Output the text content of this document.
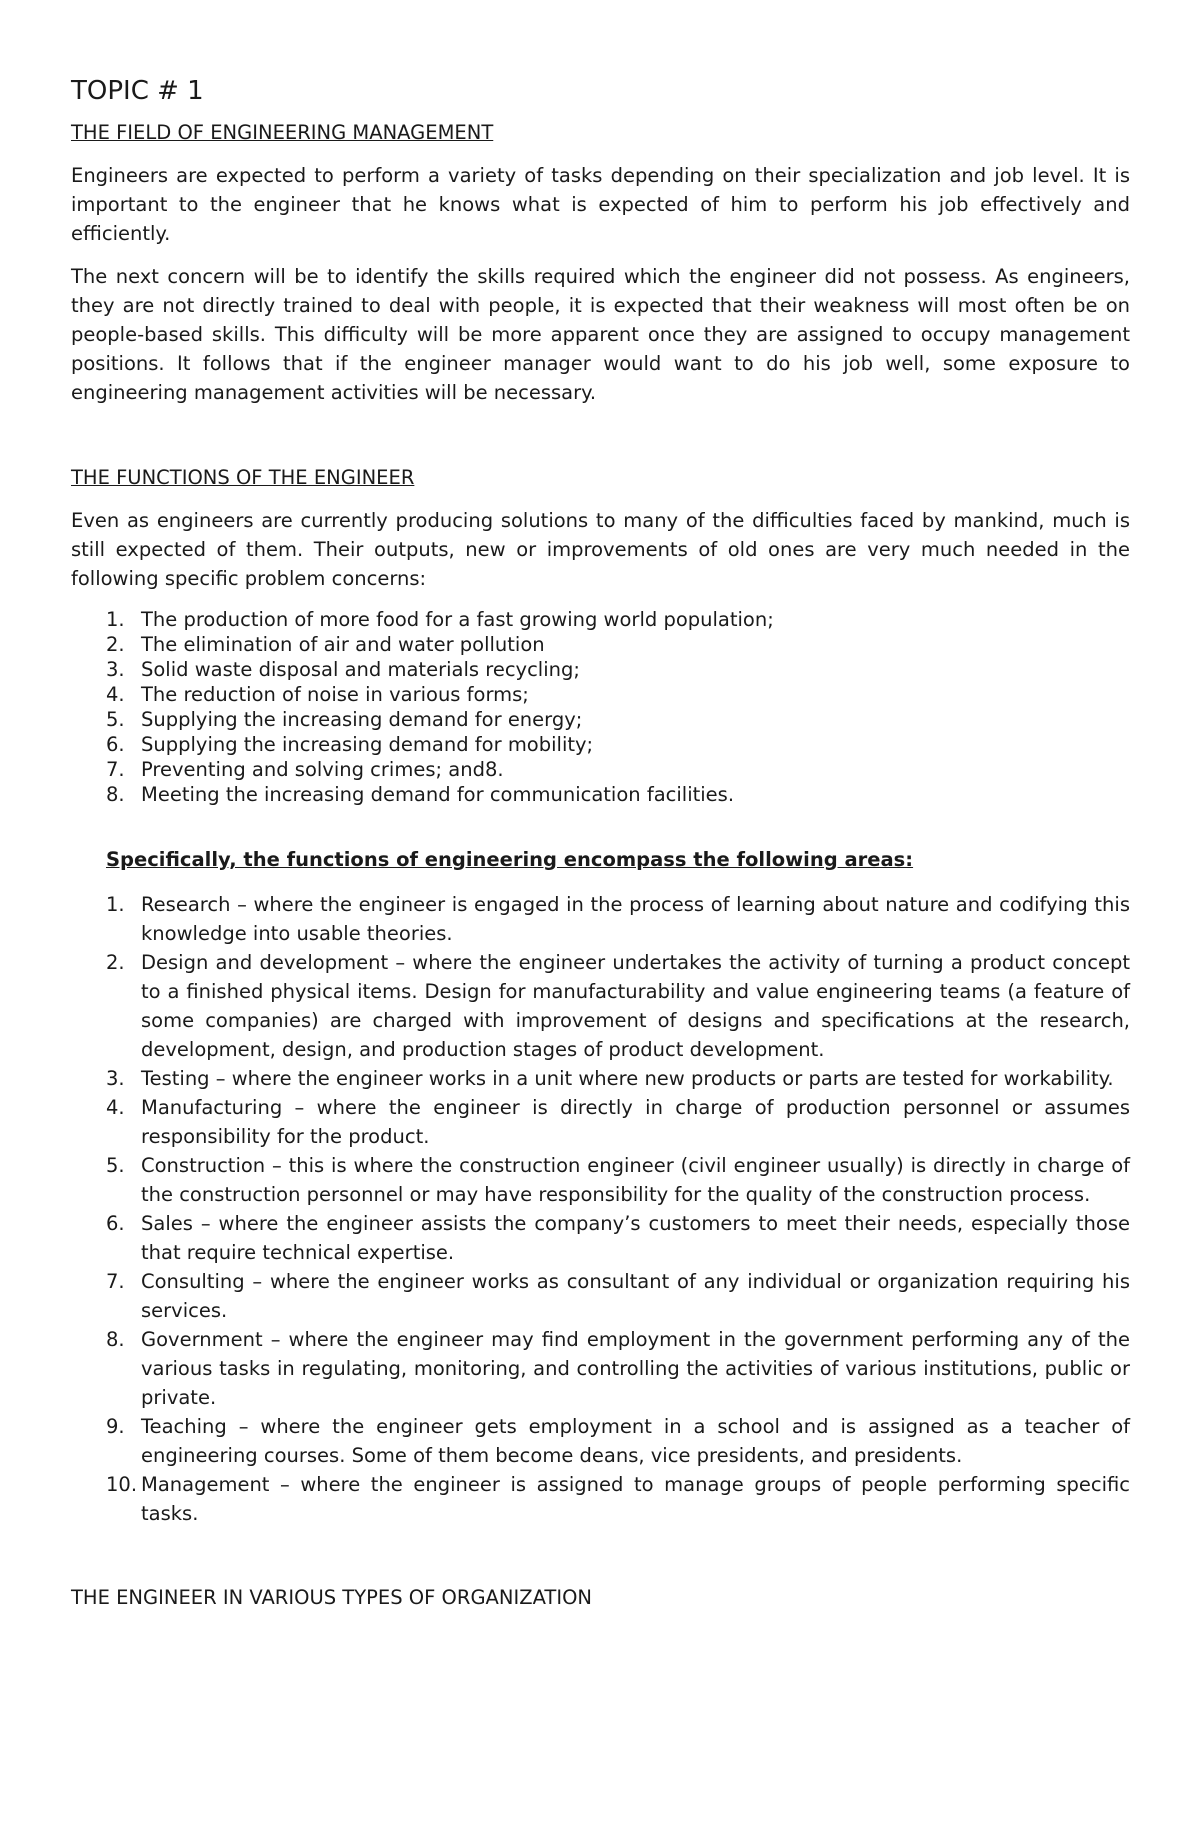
TOPIC # 1
THE FIELD OF ENGINEERING MANAGEMENT

Engineers are expected to perform a variety of tasks depending on their specialization and job level. It is important to the engineer that he knows what is expected of him to perform his job effectively and efficiently.

The next concern will be to identify the skills required which the engineer did not possess. As engineers, they are not directly trained to deal with people, it is expected that their weakness will most often be on people-based skills. This difficulty will be more apparent once they are assigned to occupy management positions. It follows that if the engineer manager would want to do his job well, some exposure to engineering management activities will be necessary.

THE FUNCTIONS OF THE ENGINEER

Even as engineers are currently producing solutions to many of the difficulties faced by mankind, much is still expected of them. Their outputs, new or improvements of old ones are very much needed in the following specific problem concerns:

1. The production of more food for a fast growing world population;
2. The elimination of air and water pollution
3. Solid waste disposal and materials recycling;
4. The reduction of noise in various forms;
5. Supplying the increasing demand for energy;
6. Supplying the increasing demand for mobility;
7. Preventing and solving crimes; and8.
8. Meeting the increasing demand for communication facilities.
Specifically, the functions of engineering encompass the following areas:
1. Research – where the engineer is engaged in the process of learning about nature and codifying this knowledge into usable theories.
2. Design and development – where the engineer undertakes the activity of turning a product concept to a finished physical items. Design for manufacturability and value engineering teams (a feature of some companies) are charged with improvement of designs and specifications at the research, development, design, and production stages of product development.
3. Testing – where the engineer works in a unit where new products or parts are tested for workability.
4. Manufacturing – where the engineer is directly in charge of production personnel or assumes responsibility for the product.
5. Construction – this is where the construction engineer (civil engineer usually) is directly in charge of the construction personnel or may have responsibility for the quality of the construction process.
6. Sales – where the engineer assists the company’s customers to meet their needs, especially those that require technical expertise.
7. Consulting – where the engineer works as consultant of any individual or organization requiring his services.
8. Government – where the engineer may find employment in the government performing any of the various tasks in regulating, monitoring, and controlling the activities of various institutions, public or private.
9. Teaching – where the engineer gets employment in a school and is assigned as a teacher of engineering courses. Some of them become deans, vice presidents, and presidents.
10. Management – where the engineer is assigned to manage groups of people performing specific tasks.
THE ENGINEER IN VARIOUS TYPES OF ORGANIZATION
